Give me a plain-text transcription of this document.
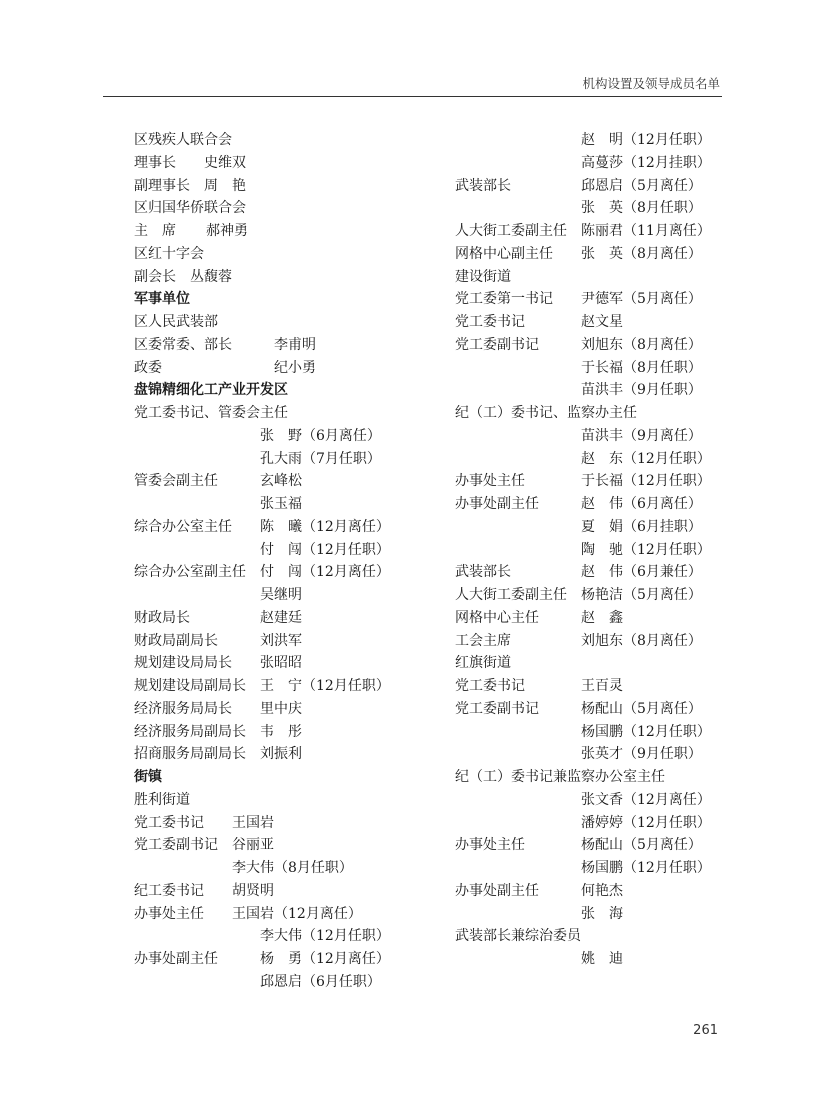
机构设置及领导成员名单
区残疾人联合会
理事长 史维双
副理事长 周　艳
区归国华侨联合会
主　席 郝神勇
区红十字会
副会长 丛馥蓉
军事单位
区人民武装部
区委常委、部长	李甫明
政委	纪小勇
盘锦精细化工产业开发区
党工委书记、管委会主任
张　野（6月离任）
孔大雨（7月任职）
管委会副主任	玄峰松
张玉福
综合办公室主任 陈　曦（12月离任）
付　闯（12月任职）
综合办公室副主任 付　闯（12月离任）
吴继明
财政局长	赵建廷
财政局副局长	刘洪军
规划建设局局长 张昭昭
规划建设局副局长 王　宁（12月任职）
经济服务局局长 里中庆
经济服务局副局长 韦　彤
招商服务局副局长 刘振利
街镇
胜利街道
党工委书记 王国岩
党工委副书记 谷丽亚
李大伟（8月任职）
纪工委书记 胡贤明
办事处主任 王国岩（12月离任）
李大伟（12月任职）
办事处副主任	杨　勇（12月离任）
邱恩启（6月任职）
赵　明（12月任职）
高蔓莎（12月挂职）
武装部长	邱恩启（5月离任）
张　英（8月任职）
人大街工委副主任 陈丽君（11月离任）
网格中心副主任 张　英（8月离任）
建设街道
党工委第一书记 尹德军（5月离任）
党工委书记	赵文星
党工委副书记	刘旭东（8月离任）
于长福（8月任职）
苗洪丰（9月任职）
纪（工）委书记、监察办主任
苗洪丰（9月离任）
赵　东（12月任职）
办事处主任	于长福（12月任职）
办事处副主任	赵　伟（6月离任）
夏　娟（6月挂职）
陶　驰（12月任职）
武装部长	赵　伟（6月兼任）
人大街工委副主任 杨艳洁（5月离任）
网格中心主任	赵　鑫
工会主席	刘旭东（8月离任）
红旗街道
党工委书记	王百灵
党工委副书记	杨配山（5月离任）
杨国鹏（12月任职）
张英才（9月任职）
纪（工）委书记兼监察办公室主任
张文香（12月离任）
潘婷婷（12月任职）
办事处主任	杨配山（5月离任）
杨国鹏（12月任职）
办事处副主任	何艳杰
张　海
武装部长兼综治委员
姚　迪
261
